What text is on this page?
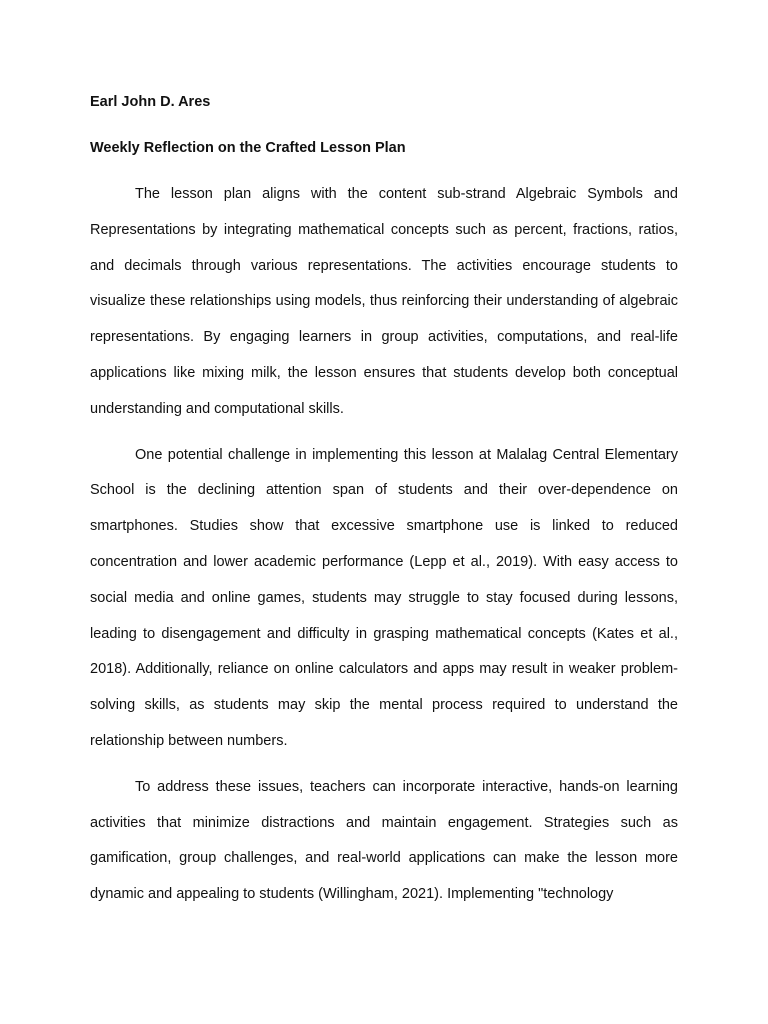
Earl John D. Ares
Weekly Reflection on the Crafted Lesson Plan

The lesson plan aligns with the content sub-strand Algebraic Symbols and Representations by integrating mathematical concepts such as percent, fractions, ratios, and decimals through various representations. The activities encourage students to visualize these relationships using models, thus reinforcing their understanding of algebraic representations. By engaging learners in group activities, computations, and real-life applications like mixing milk, the lesson ensures that students develop both conceptual understanding and computational skills.

One potential challenge in implementing this lesson at Malalag Central Elementary School is the declining attention span of students and their over-dependence on smartphones. Studies show that excessive smartphone use is linked to reduced concentration and lower academic performance (Lepp et al., 2019). With easy access to social media and online games, students may struggle to stay focused during lessons, leading to disengagement and difficulty in grasping mathematical concepts (Kates et al., 2018). Additionally, reliance on online calculators and apps may result in weaker problem-solving skills, as students may skip the mental process required to understand the relationship between numbers.

To address these issues, teachers can incorporate interactive, hands-on learning activities that minimize distractions and maintain engagement. Strategies such as gamification, group challenges, and real-world applications can make the lesson more dynamic and appealing to students (Willingham, 2021). Implementing "technology
